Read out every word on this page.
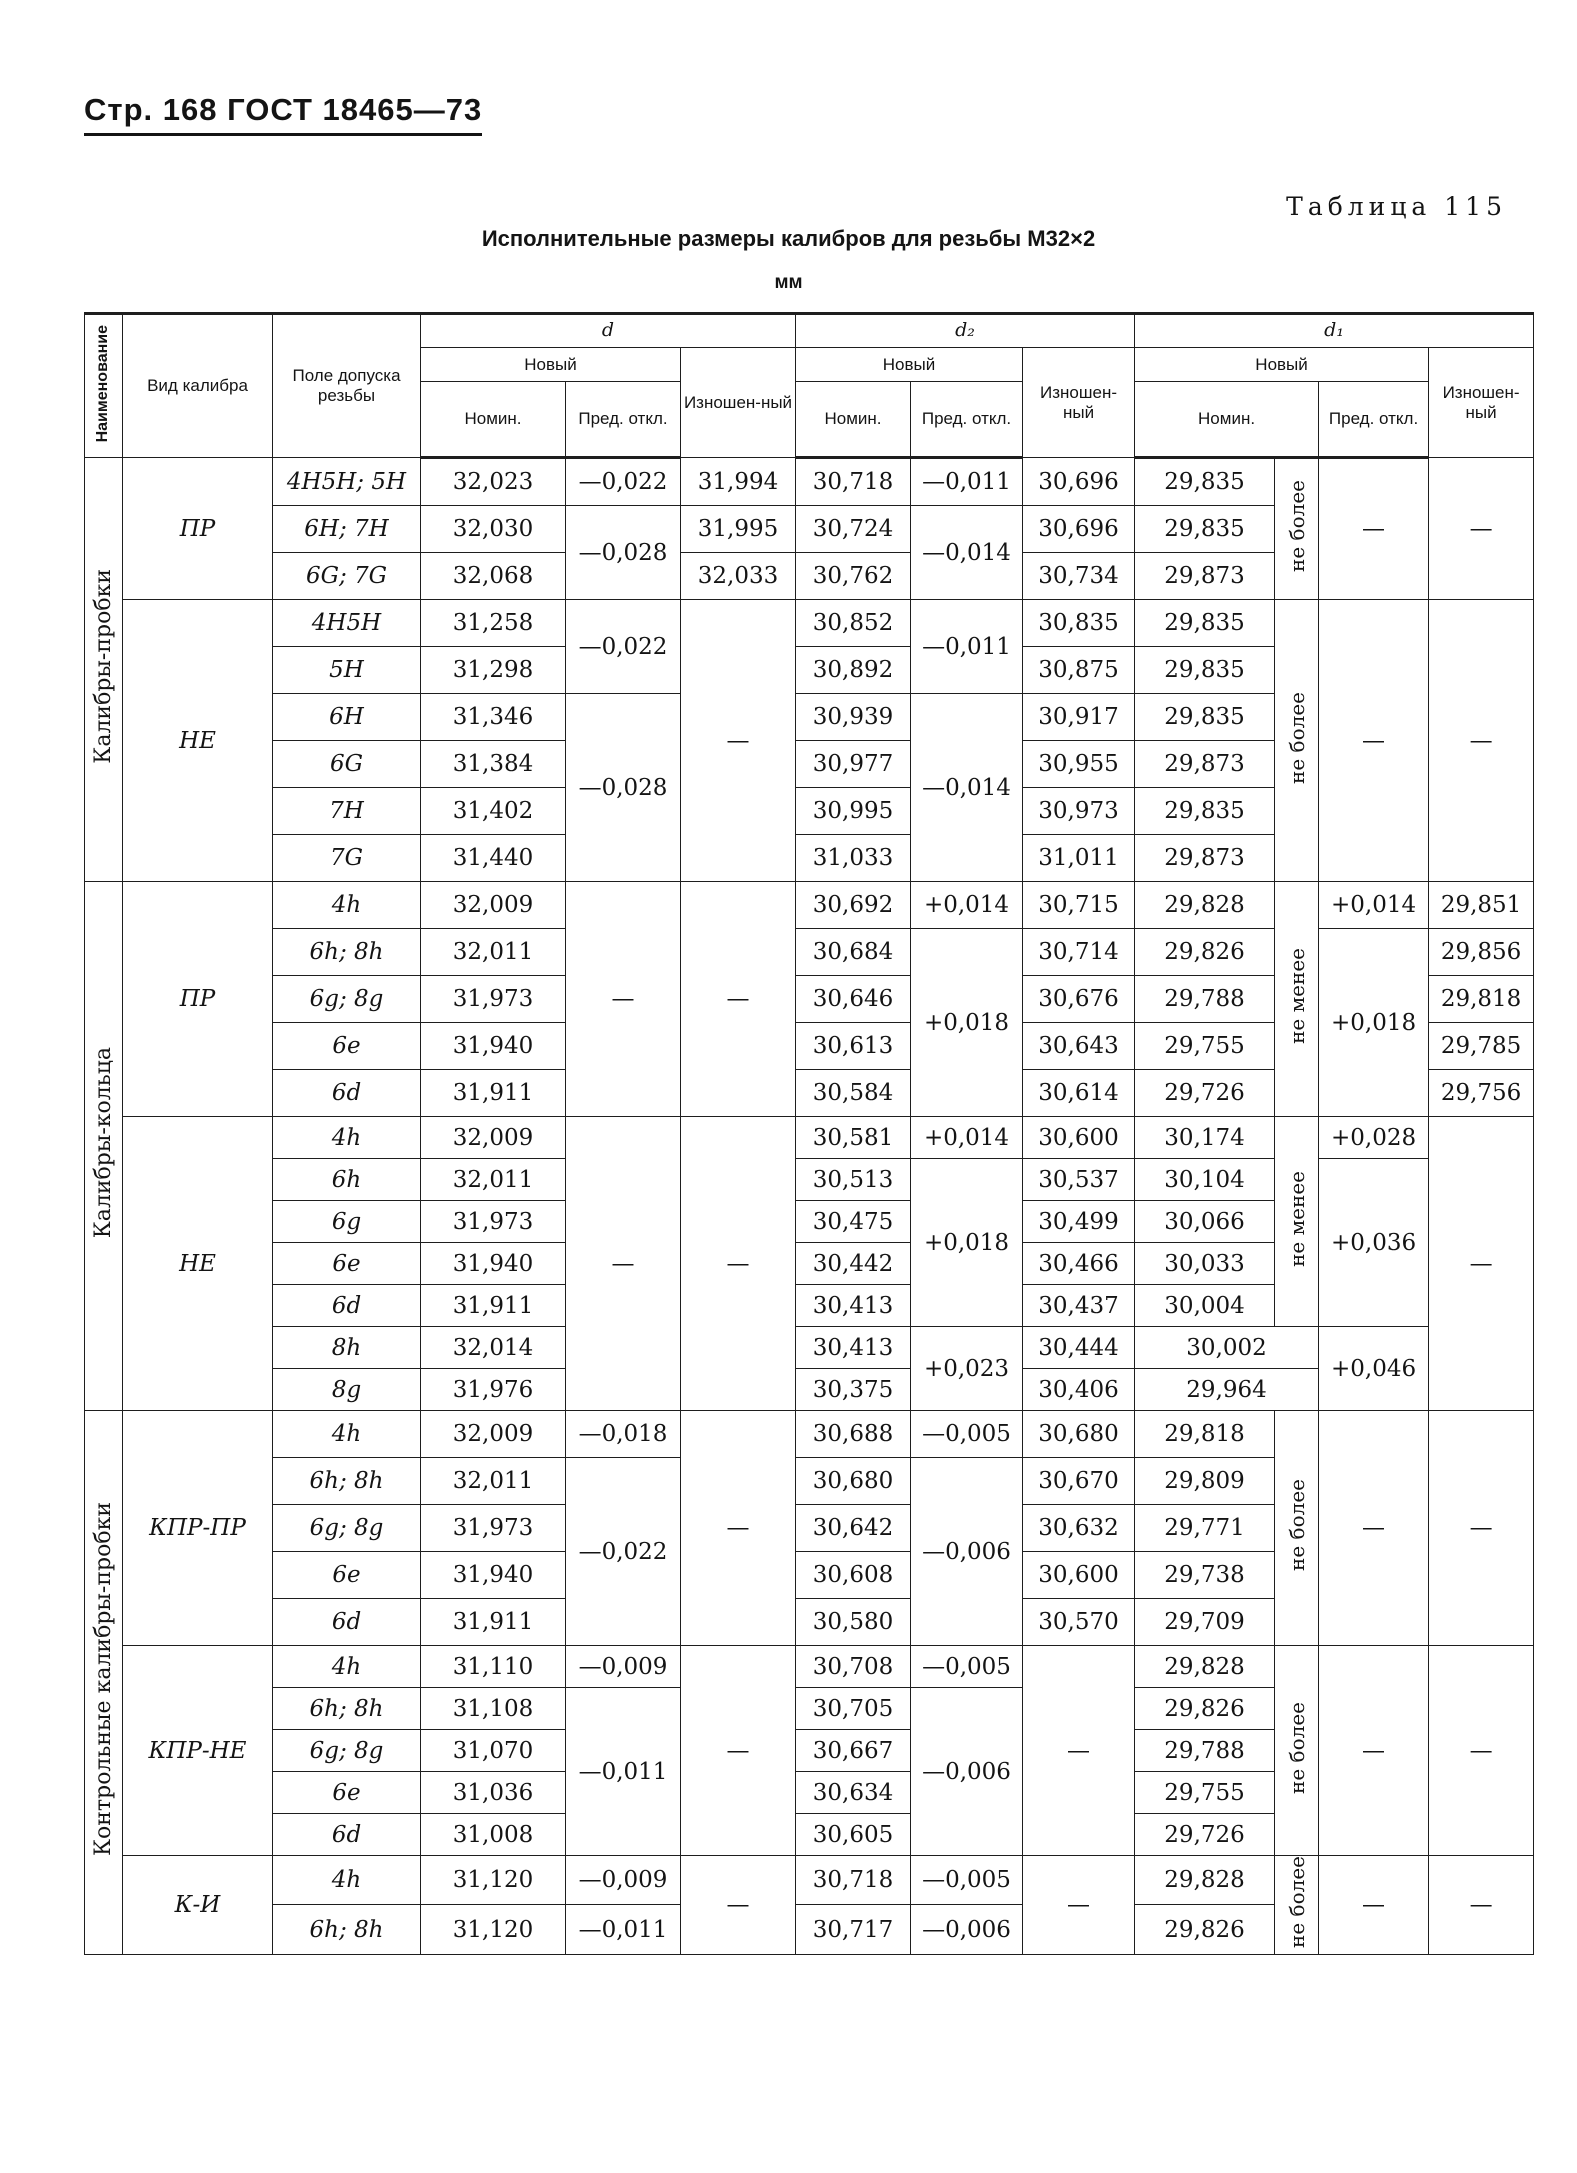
Стр. 168 ГОСТ 18465—73
Таблица 115
Исполнительные размеры калибров для резьбы М32×2
мм
Наименование	Вид калибра	Поле допуска резьбы	d			d₂			d₁			
			Новый		Изношен-ный	Новый		Изношен-ный	Новый			Изношен-ный
			Номин.	Пред. откл.		Номин.	Пред. откл.		Номин.		Пред. откл.	
Калибры-пробки	ПР	4H5H; 5H	32,023	—0,022	31,994	30,718	—0,011	30,696	29,835	не более	—	—
		6H; 7H	32,030	—0,028	31,995	30,724	—0,014	30,696	29,835			
		6G; 7G	32,068		32,033	30,762		30,734	29,873			
	НЕ	4H5H	31,258	—0,022	—	30,852	—0,011	30,835	29,835	не более	—	—
		5H	31,298			30,892		30,875	29,835			
		6H	31,346	—0,028		30,939	—0,014	30,917	29,835			
		6G	31,384			30,977		30,955	29,873			
		7H	31,402			30,995		30,973	29,835			
		7G	31,440			31,033		31,011	29,873			
Калибры-кольца	ПР	4h	32,009	—	—	30,692	+0,014	30,715	29,828	не менее	+0,014	29,851
		6h; 8h	32,011			30,684	+0,018	30,714	29,826		+0,018	29,856
		6g; 8g	31,973			30,646		30,676	29,788			29,818
		6e	31,940			30,613		30,643	29,755			29,785
		6d	31,911			30,584		30,614	29,726			29,756
	НЕ	4h	32,009	—	—	30,581	+0,014	30,600	30,174	не менее	+0,028	—
		6h	32,011			30,513	+0,018	30,537	30,104		+0,036	
		6g	31,973			30,475		30,499	30,066			
		6e	31,940			30,442		30,466	30,033			
		6d	31,911			30,413		30,437	30,004			
		8h	32,014			30,413	+0,023	30,444	30,002		+0,046	
		8g	31,976			30,375		30,406	29,964			
Контрольные калибры-пробки	КПР-ПР	4h	32,009	—0,018	—	30,688	—0,005	30,680	29,818	не более	—	—
		6h; 8h	32,011	—0,022		30,680	—0,006	30,670	29,809			
		6g; 8g	31,973			30,642		30,632	29,771			
		6e	31,940			30,608		30,600	29,738			
		6d	31,911			30,580		30,570	29,709			
	КПР-НЕ	4h	31,110	—0,009	—	30,708	—0,005	—	29,828	не более	—	—
		6h; 8h	31,108	—0,011		30,705	—0,006		29,826			
		6g; 8g	31,070			30,667			29,788			
		6e	31,036			30,634			29,755			
		6d	31,008			30,605			29,726			
	К-И	4h	31,120	—0,009	—	30,718	—0,005	—	29,828	не более	—	—
		6h; 8h	31,120	—0,011		30,717	—0,006		29,826			
